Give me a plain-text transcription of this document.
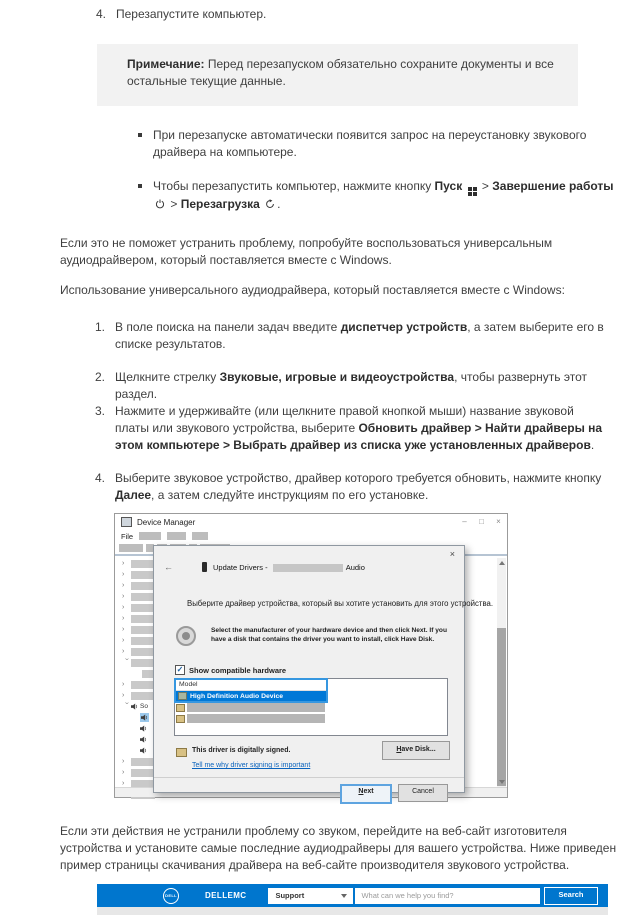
4. Перезапустите компьютер.
Примечание: Перед перезапуском обязательно сохраните документы и все остальные текущие данные.
При перезапуске автоматически появится запрос на переустановку звукового драйвера на компьютере.
Чтобы перезапустить компьютер, нажмите кнопку Пуск
> Завершение работы  > Перезагрузка .
Если это не поможет устранить проблему, попробуйте воспользоваться универсальным аудиодрайвером, который поставляется вместе с Windows.
Использование универсального аудиодрайвера, который поставляется вместе с Windows:
1. В поле поиска на панели задач введите диспетчер устройств, а затем выберите его в списке результатов.
2. Щелкните стрелку Звуковые, игровые и видеоустройства, чтобы развернуть этот раздел.
3. Нажмите и удерживайте (или щелкните правой кнопкой мыши) название звуковой платы или звукового устройства, выберите Обновить драйвер > Найти драйверы на этом компьютере > Выбрать драйвер из списка уже установленных драйверов.
4. Выберите звуковое устройство, драйвер которого требуется обновить, нажмите кнопку Далее, а затем следуйте инструкциям по его установке.
Device Manager	–	□	×
File
›
›
›
›
›
›
›
›
›
›
›
›
› So
›
›
›
×
←	Update Drivers -	Audio
Выберите драйвер устройства, который вы хотите установить для этого устройства.
Select the manufacturer of your hardware device and then click Next. If you have a disk that contains the driver you want to install, click Have Disk.
✓ Show compatible hardware
Model
High Definition Audio Device
This driver is digitally signed.	Have Disk...
Tell me why driver signing is important
Next	Cancel
Если эти действия не устранили проблему со звуком, перейдите на веб-сайт изготовителя устройства и установите самые последние аудиодрайверы для вашего устройства. Ниже приведен пример страницы скачивания драйвера на веб-сайте производителя звукового устройства.
DELL	DELLEMC	Support
What can we help you find?	Search
